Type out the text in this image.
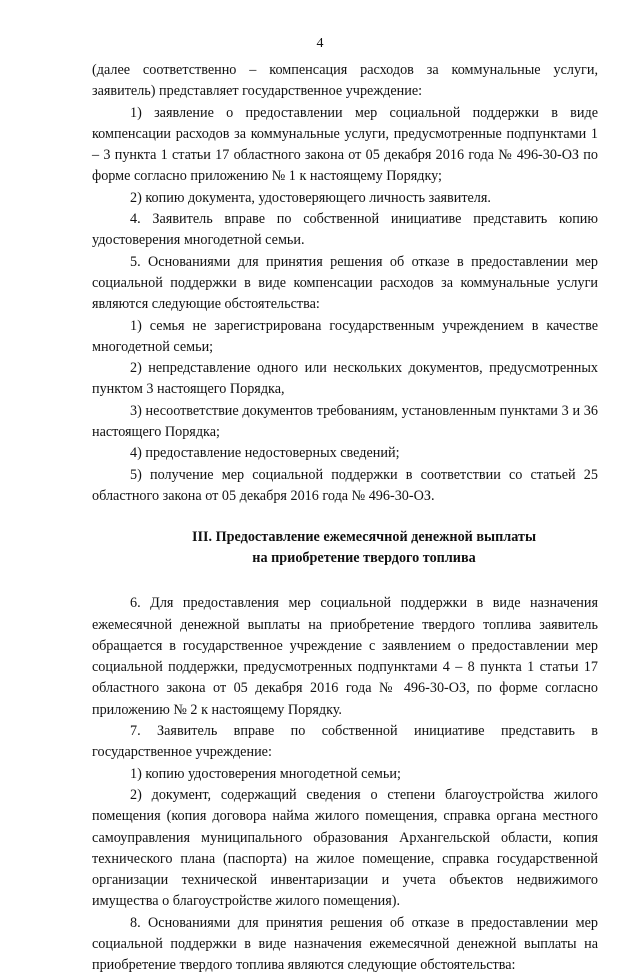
4

(далее соответственно – компенсация расходов за коммунальные услуги, заявитель) представляет государственное учреждение:

1) заявление о предоставлении мер социальной поддержки в виде компенсации расходов за коммунальные услуги, предусмотренные подпунктами 1 – 3 пункта 1 статьи 17 областного закона от 05 декабря 2016 года № 496-30-ОЗ по форме согласно приложению № 1 к настоящему Порядку;

2) копию документа, удостоверяющего личность заявителя.

4. Заявитель вправе по собственной инициативе представить копию удостоверения многодетной семьи.

5. Основаниями для принятия решения об отказе в предоставлении мер социальной поддержки в виде компенсации расходов за коммунальные услуги являются следующие обстоятельства:

1) семья не зарегистрирована государственным учреждением в качестве многодетной семьи;

2) непредставление одного или нескольких документов, предусмотренных пунктом 3 настоящего Порядка,

3) несоответствие документов требованиям, установленным пунктами 3 и 36 настоящего Порядка;

4) предоставление недостоверных сведений;

5) получение мер социальной поддержки в соответствии со статьей 25 областного закона от 05 декабря 2016 года № 496-30-ОЗ.

III. Предоставление ежемесячной денежной выплаты

на приобретение твердого топлива

6. Для предоставления мер социальной поддержки в виде назначения ежемесячной денежной выплаты на приобретение твердого топлива заявитель обращается в государственное учреждение с заявлением о предоставлении мер социальной поддержки, предусмотренных подпунктами 4 – 8 пункта 1 статьи 17 областного закона от 05 декабря 2016 года № 496-30-ОЗ, по форме согласно приложению № 2 к настоящему Порядку.

7. Заявитель вправе по собственной инициативе представить в государственное учреждение:

1) копию удостоверения многодетной семьи;

2) документ, содержащий сведения о степени благоустройства жилого помещения (копия договора найма жилого помещения, справка органа местного самоуправления муниципального образования Архангельской области, копия технического плана (паспорта) на жилое помещение, справка государственной организации технической инвентаризации и учета объектов недвижимого имущества о благоустройстве жилого помещения).

8. Основаниями для принятия решения об отказе в предоставлении мер социальной поддержки в виде назначения ежемесячной денежной выплаты на приобретение твердого топлива являются следующие обстоятельства:
